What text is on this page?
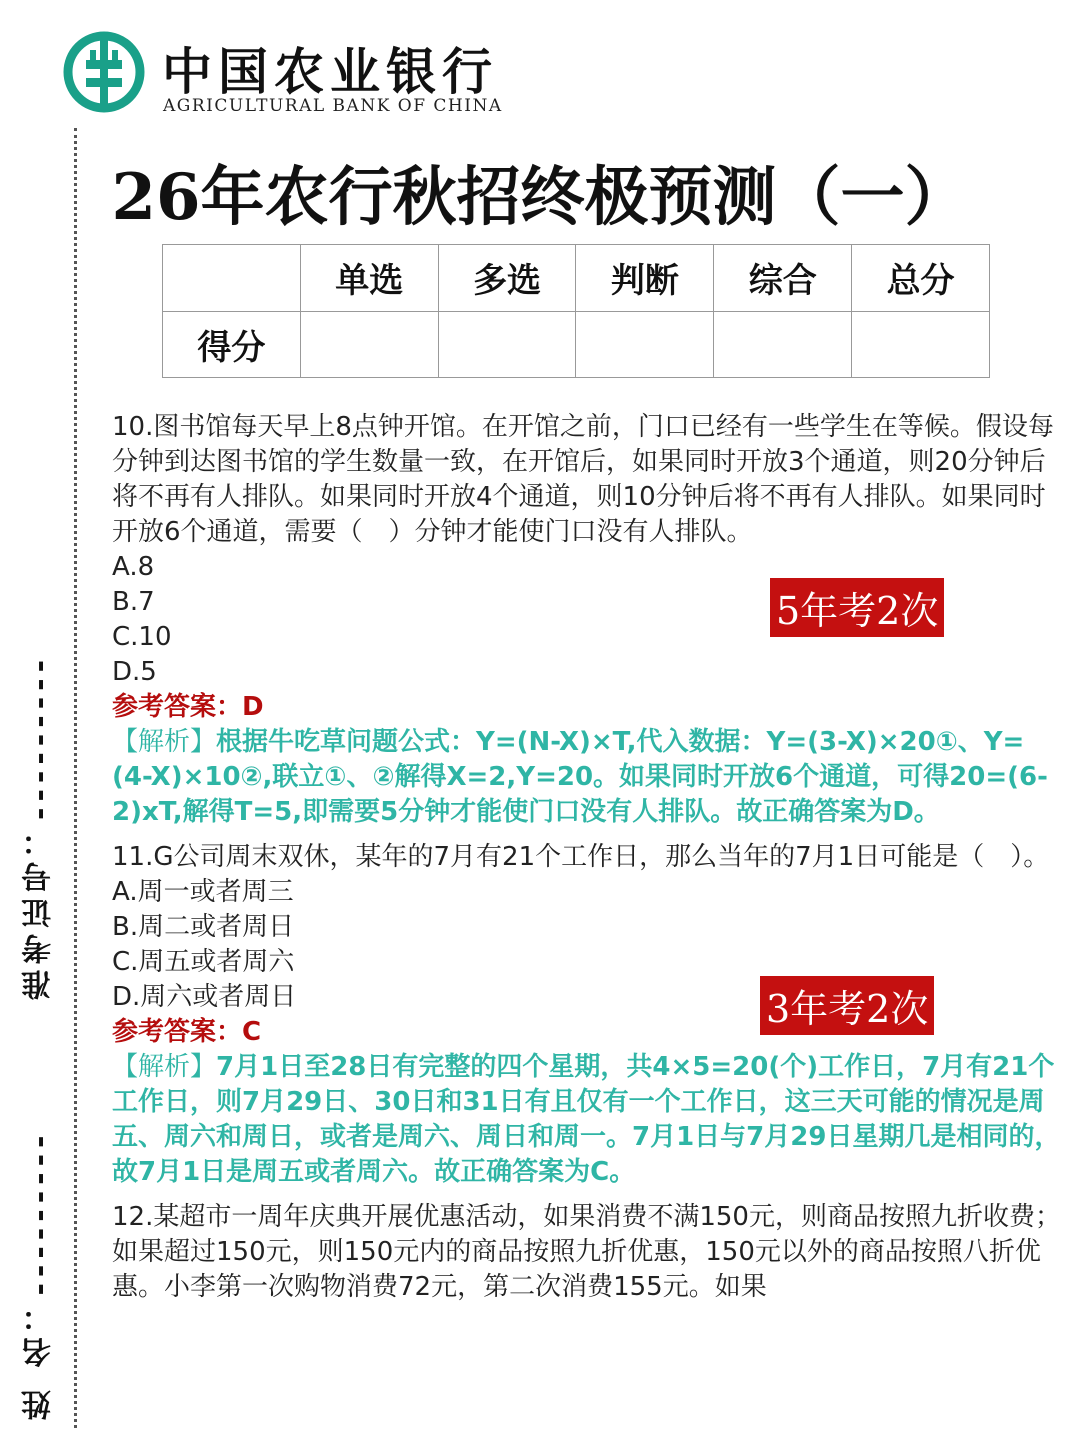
准考证号：---------
姓 名：---------
中国农业银行
AGRICULTURAL BANK OF CHINA
26年农行秋招终极预测（一）
	单选	多选	判断	综合	总分
得分					
10.图书馆每天早上8点钟开馆。在开馆之前，门口已经有一些学生在等候。假设每分钟到达图书馆的学生数量一致，在开馆后，如果同时开放3个通道，则20分钟后将不再有人排队。如果同时开放4个通道，则10分钟后将不再有人排队。如果同时开放6个通道，需要（　）分钟才能使门口没有人排队。
A.8
B.7
C.10
D.5
参考答案：D
【解析】根据牛吃草问题公式：Y=(N-X)×T,代入数据：Y=(3-X)×20①、Y=(4-X)×10②,联立①、②解得X=2,Y=20。如果同时开放6个通道，可得20=(6-2)xT,解得T=5,即需要5分钟才能使门口没有人排队。故正确答案为D。
11.G公司周末双休，某年的7月有21个工作日，那么当年的7月1日可能是（　）。
A.周一或者周三
B.周二或者周日
C.周五或者周六
D.周六或者周日
参考答案：C
【解析】7月1日至28日有完整的四个星期，共4×5=20(个)工作日，7月有21个工作日，则7月29日、30日和31日有且仅有一个工作日，这三天可能的情况是周五、周六和周日，或者是周六、周日和周一。7月1日与7月29日星期几是相同的，故7月1日是周五或者周六。故正确答案为C。
12.某超市一周年庆典开展优惠活动，如果消费不满150元，则商品按照九折收费；如果超过150元，则150元内的商品按照九折优惠，150元以外的商品按照八折优惠。小李第一次购物消费72元，第二次消费155元。如果
5年考2次
3年考2次
